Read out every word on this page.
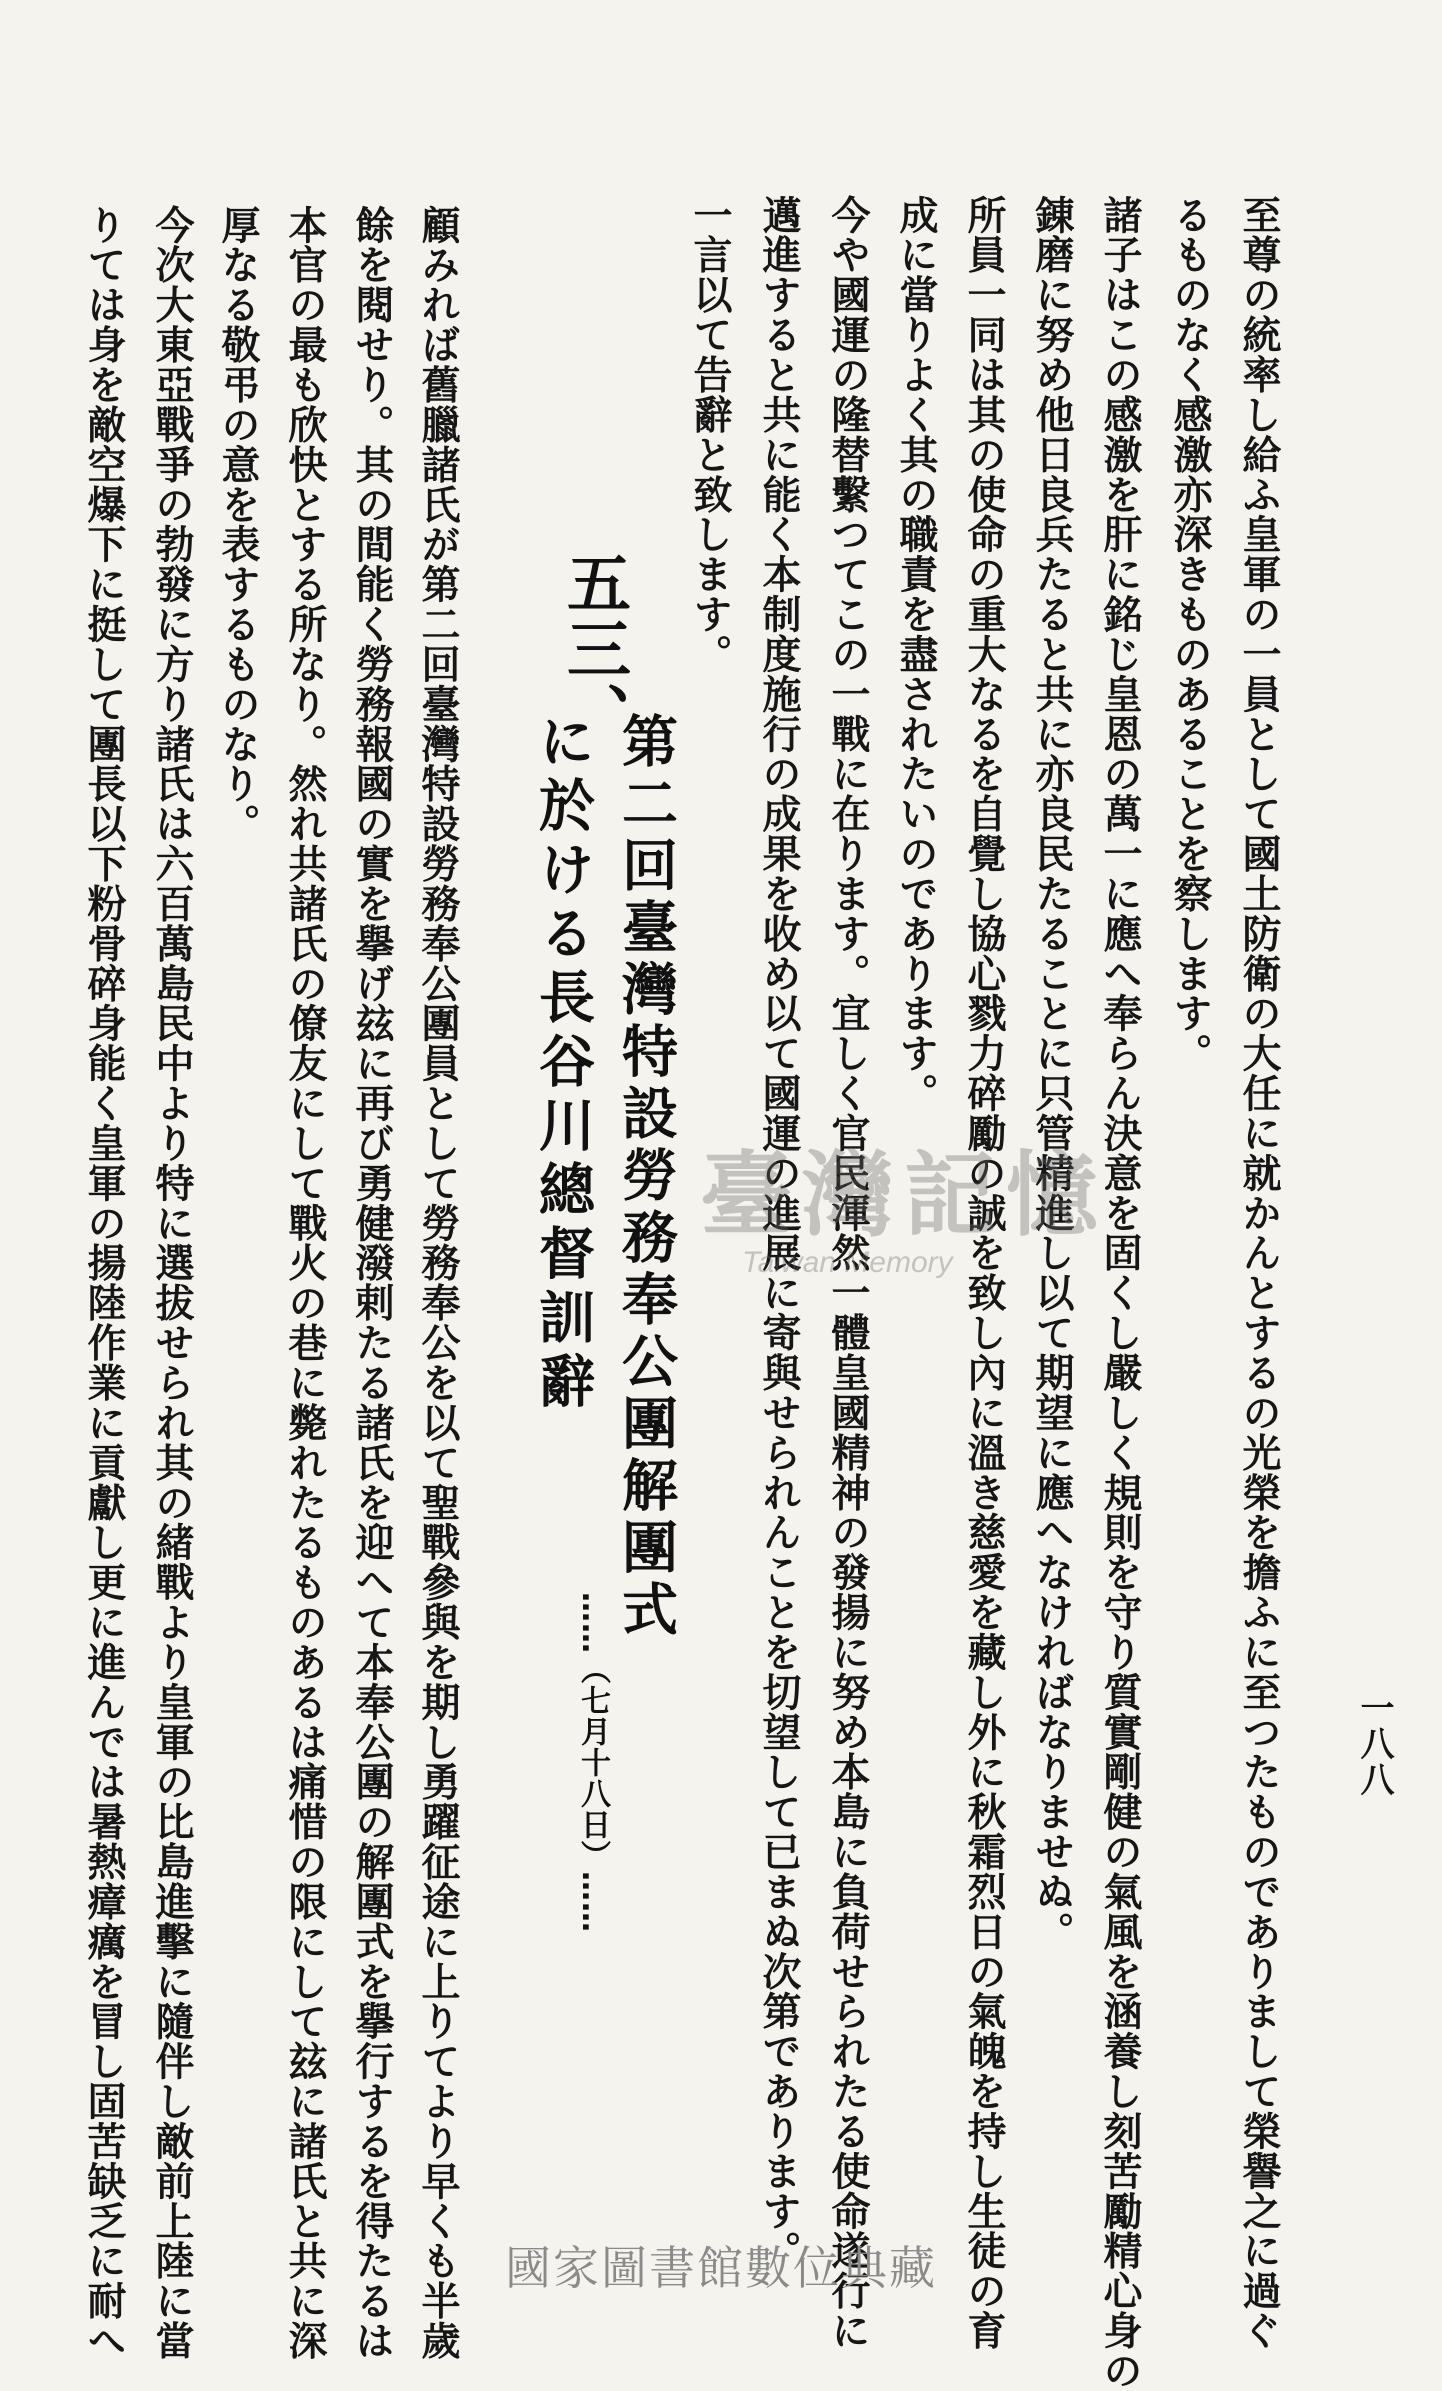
一八八
至尊の統率し給ふ皇軍の一員として國土防衛の大任に就かんとするの光榮を擔ふに至つたものでありまして榮譽之に過ぐ
るものなく感激亦深きものあることを察します。
諸子はこの感激を肝に銘じ皇恩の萬一に應へ奉らん決意を固くし嚴しく規則を守り質實剛健の氣風を涵養し刻苦勵精心身の
錬磨に努め他日良兵たると共に亦良民たることに只管精進し以て期望に應へなければなりませぬ。
所員一同は其の使命の重大なるを自覺し協心戮力碎勵の誠を致し內に溫き慈愛を藏し外に秋霜烈日の氣魄を持し生徒の育
成に當りよく其の職責を盡されたいのであります。
今や國運の隆替繫つてこの一戰に在ります。宜しく官民渾然一體皇國精神の發揚に努め本島に負荷せられたる使命遂行に
邁進すると共に能く本制度施行の成果を收め以て國運の進展に寄與せられんことを切望して已まぬ次第であります。
一言以て告辭と致します。
第二回臺灣特設勞務奉公團解團式
五三、
に於ける長谷川總督訓辭
……（七月十八日）……
顧みれば舊臘諸氏が第二回臺灣特設勞務奉公團員として勞務奉公を以て聖戰參與を期し勇躍征途に上りてより早くも半歲
餘を閱せり。其の間能く勞務報國の實を擧げ玆に再び勇健潑剌たる諸氏を迎へて本奉公團の解團式を擧行するを得たるは
本官の最も欣快とする所なり。然れ共諸氏の僚友にして戰火の巷に斃れたるものあるは痛惜の限にして玆に諸氏と共に深
厚なる敬弔の意を表するものなり。
今次大東亞戰爭の勃發に方り諸氏は六百萬島民中より特に選拔せられ其の緒戰より皇軍の比島進擊に隨伴し敵前上陸に當
りては身を敵空爆下に挺して團長以下粉骨碎身能く皇軍の揚陸作業に貢獻し更に進んでは暑熱瘴癘を冒し固苦缺乏に耐へ	臺灣記憶
Taiwan Memory
國家圖書館數位典藏
